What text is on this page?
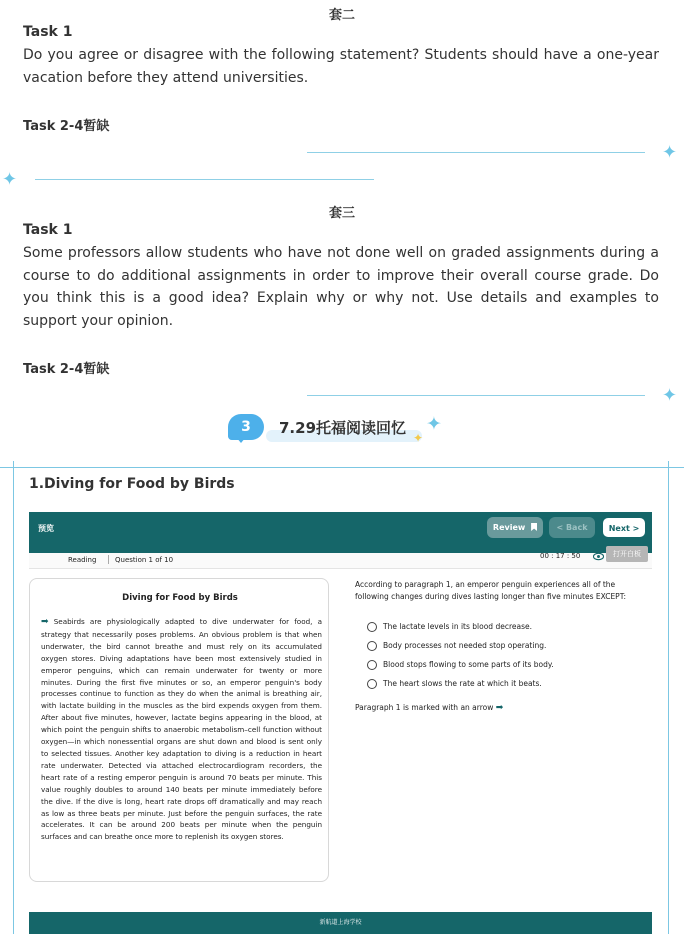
套二
Task 1
Do you agree or disagree with the following statement? Students should have a one-year vacation before they attend universities.
Task 2-4暂缺
✦
✦
套三
Task 1
Some professors allow students who have not done well on graded assignments during a course to do additional assignments in order to improve their overall course grade. Do you think this is a good idea? Explain why or why not. Use details and examples to support your opinion.
Task 2-4暂缺
✦
3	7.29托福阅读回忆 ✦
✦
1.Diving for Food by Birds
预览	Review	< Back	Next >
Reading	Question 1 of 10	00 : 17 : 50	打开白板
Diving for Food by Birds
➡ Seabirds are physiologically adapted to dive underwater for food, a strategy that necessarily poses problems. An obvious problem is that when underwater, the bird cannot breathe and must rely on its accumulated oxygen stores. Diving adaptations have been most extensively studied in emperor penguins, which can remain underwater for twenty or more minutes. During the first five minutes or so, an emperor penguin's body processes continue to function as they do when the animal is breathing air, with lactate building in the muscles as the bird expends oxygen from them. After about five minutes, however, lactate begins appearing in the blood, at which point the penguin shifts to anaerobic metabolism–cell function without oxygen—in which nonessential organs are shut down and blood is sent only to selected tissues. Another key adaptation to diving is a reduction in heart rate underwater. Detected via attached electrocardiogram recorders, the heart rate of a resting emperor penguin is around 70 beats per minute. This value roughly doubles to around 140 beats per minute immediately before the dive. If the dive is long, heart rate drops off dramatically and may reach as low as three beats per minute. Just before the penguin surfaces, the rate accelerates. It can be around 200 beats per minute when the penguin surfaces and can breathe once more to replenish its oxygen stores.
According to paragraph 1, an emperor penguin experiences all of the following changes during dives lasting longer than five minutes EXCEPT:
The lactate levels in its blood decrease.
Body processes not needed stop operating.
Blood stops flowing to some parts of its body.
The heart slows the rate at which it beats.
Paragraph 1 is marked with an arrow ➡
新航道上海学校
